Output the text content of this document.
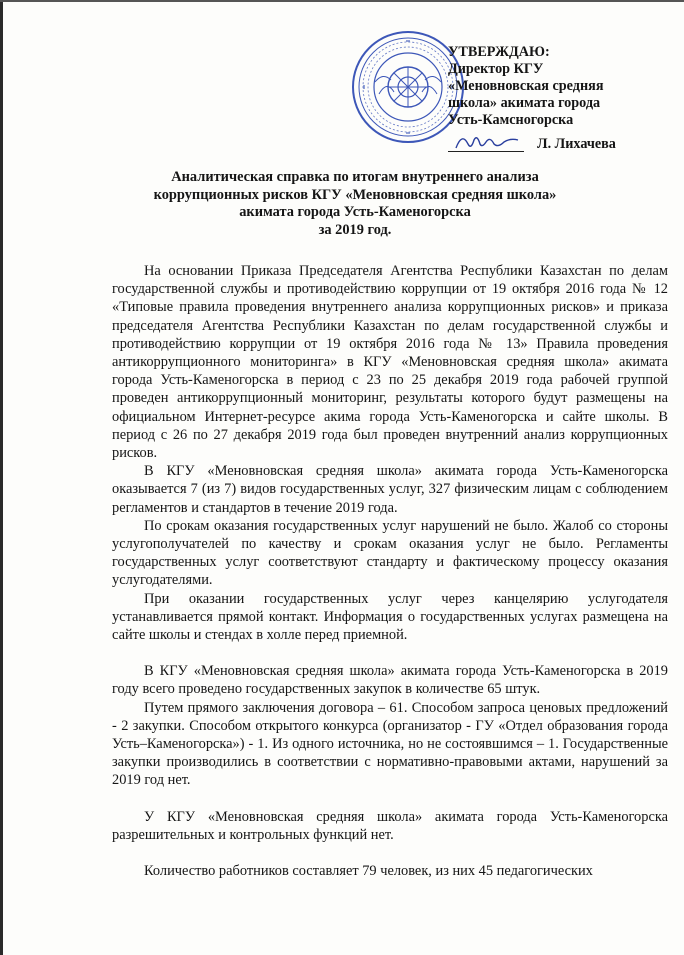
УТВЕРЖДАЮ:
Директор КГУ
«Меновновская средняя
школа» акимата города
Усть-Камсногорска
Л. Лихачева
Аналитическая справка по итогам внутреннего анализа
коррупционных рисков КГУ «Меновновская средняя школа»
акимата города Усть-Каменогорска
за 2019 год.

На основании Приказа Председателя Агентства Республики Казахстан по делам государственной службы и противодействию коррупции от 19 октября 2016 года № 12 «Типовые правила проведения внутреннего анализа коррупционных рисков» и приказа председателя Агентства Республики Казахстан по делам государственной службы и противодействию коррупции от 19 октября 2016 года № 13» Правила проведения антикоррупционного мониторинга» в КГУ «Меновновская средняя школа» акимата города Усть-Каменогорска в период с 23 по 25 декабря 2019 года рабочей группой проведен антикоррупционный мониторинг, результаты которого будут размещены на официальном Интернет-ресурсе акима города Усть-Каменогорска и сайте школы. В период с 26 по 27 декабря 2019 года был проведен внутренний анализ коррупционных рисков.

В КГУ «Меновновская средняя школа» акимата города Усть-Каменогорска оказывается 7 (из 7) видов государственных услуг, 327 физическим лицам с соблюдением регламентов и стандартов в течение 2019 года.

По срокам оказания государственных услуг нарушений не было. Жалоб со стороны услугополучателей по качеству и срокам оказания услуг не было. Регламенты государственных услуг соответствуют стандарту и фактическому процессу оказания услугодателями.

При оказании государственных услуг через канцелярию услугодателя устанавливается прямой контакт. Информация о государственных услугах размещена на сайте школы и стендах в холле перед приемной.

В КГУ «Меновновская средняя школа» акимата города Усть-Каменогорска в 2019 году всего проведено государственных закупок в количестве 65 штук.

Путем прямого заключения договора – 61. Способом запроса ценовых предложений - 2 закупки. Способом открытого конкурса (организатор - ГУ «Отдел образования города Усть–Каменогорска») - 1. Из одного источника, но не состоявшимся – 1. Государственные закупки производились в соответствии с нормативно-правовыми актами, нарушений за 2019 год нет.

У КГУ «Меновновская средняя школа» акимата города Усть-Каменогорска разрешительных и контрольных функций нет.

Количество работников составляет 79 человек, из них 45 педагогических
